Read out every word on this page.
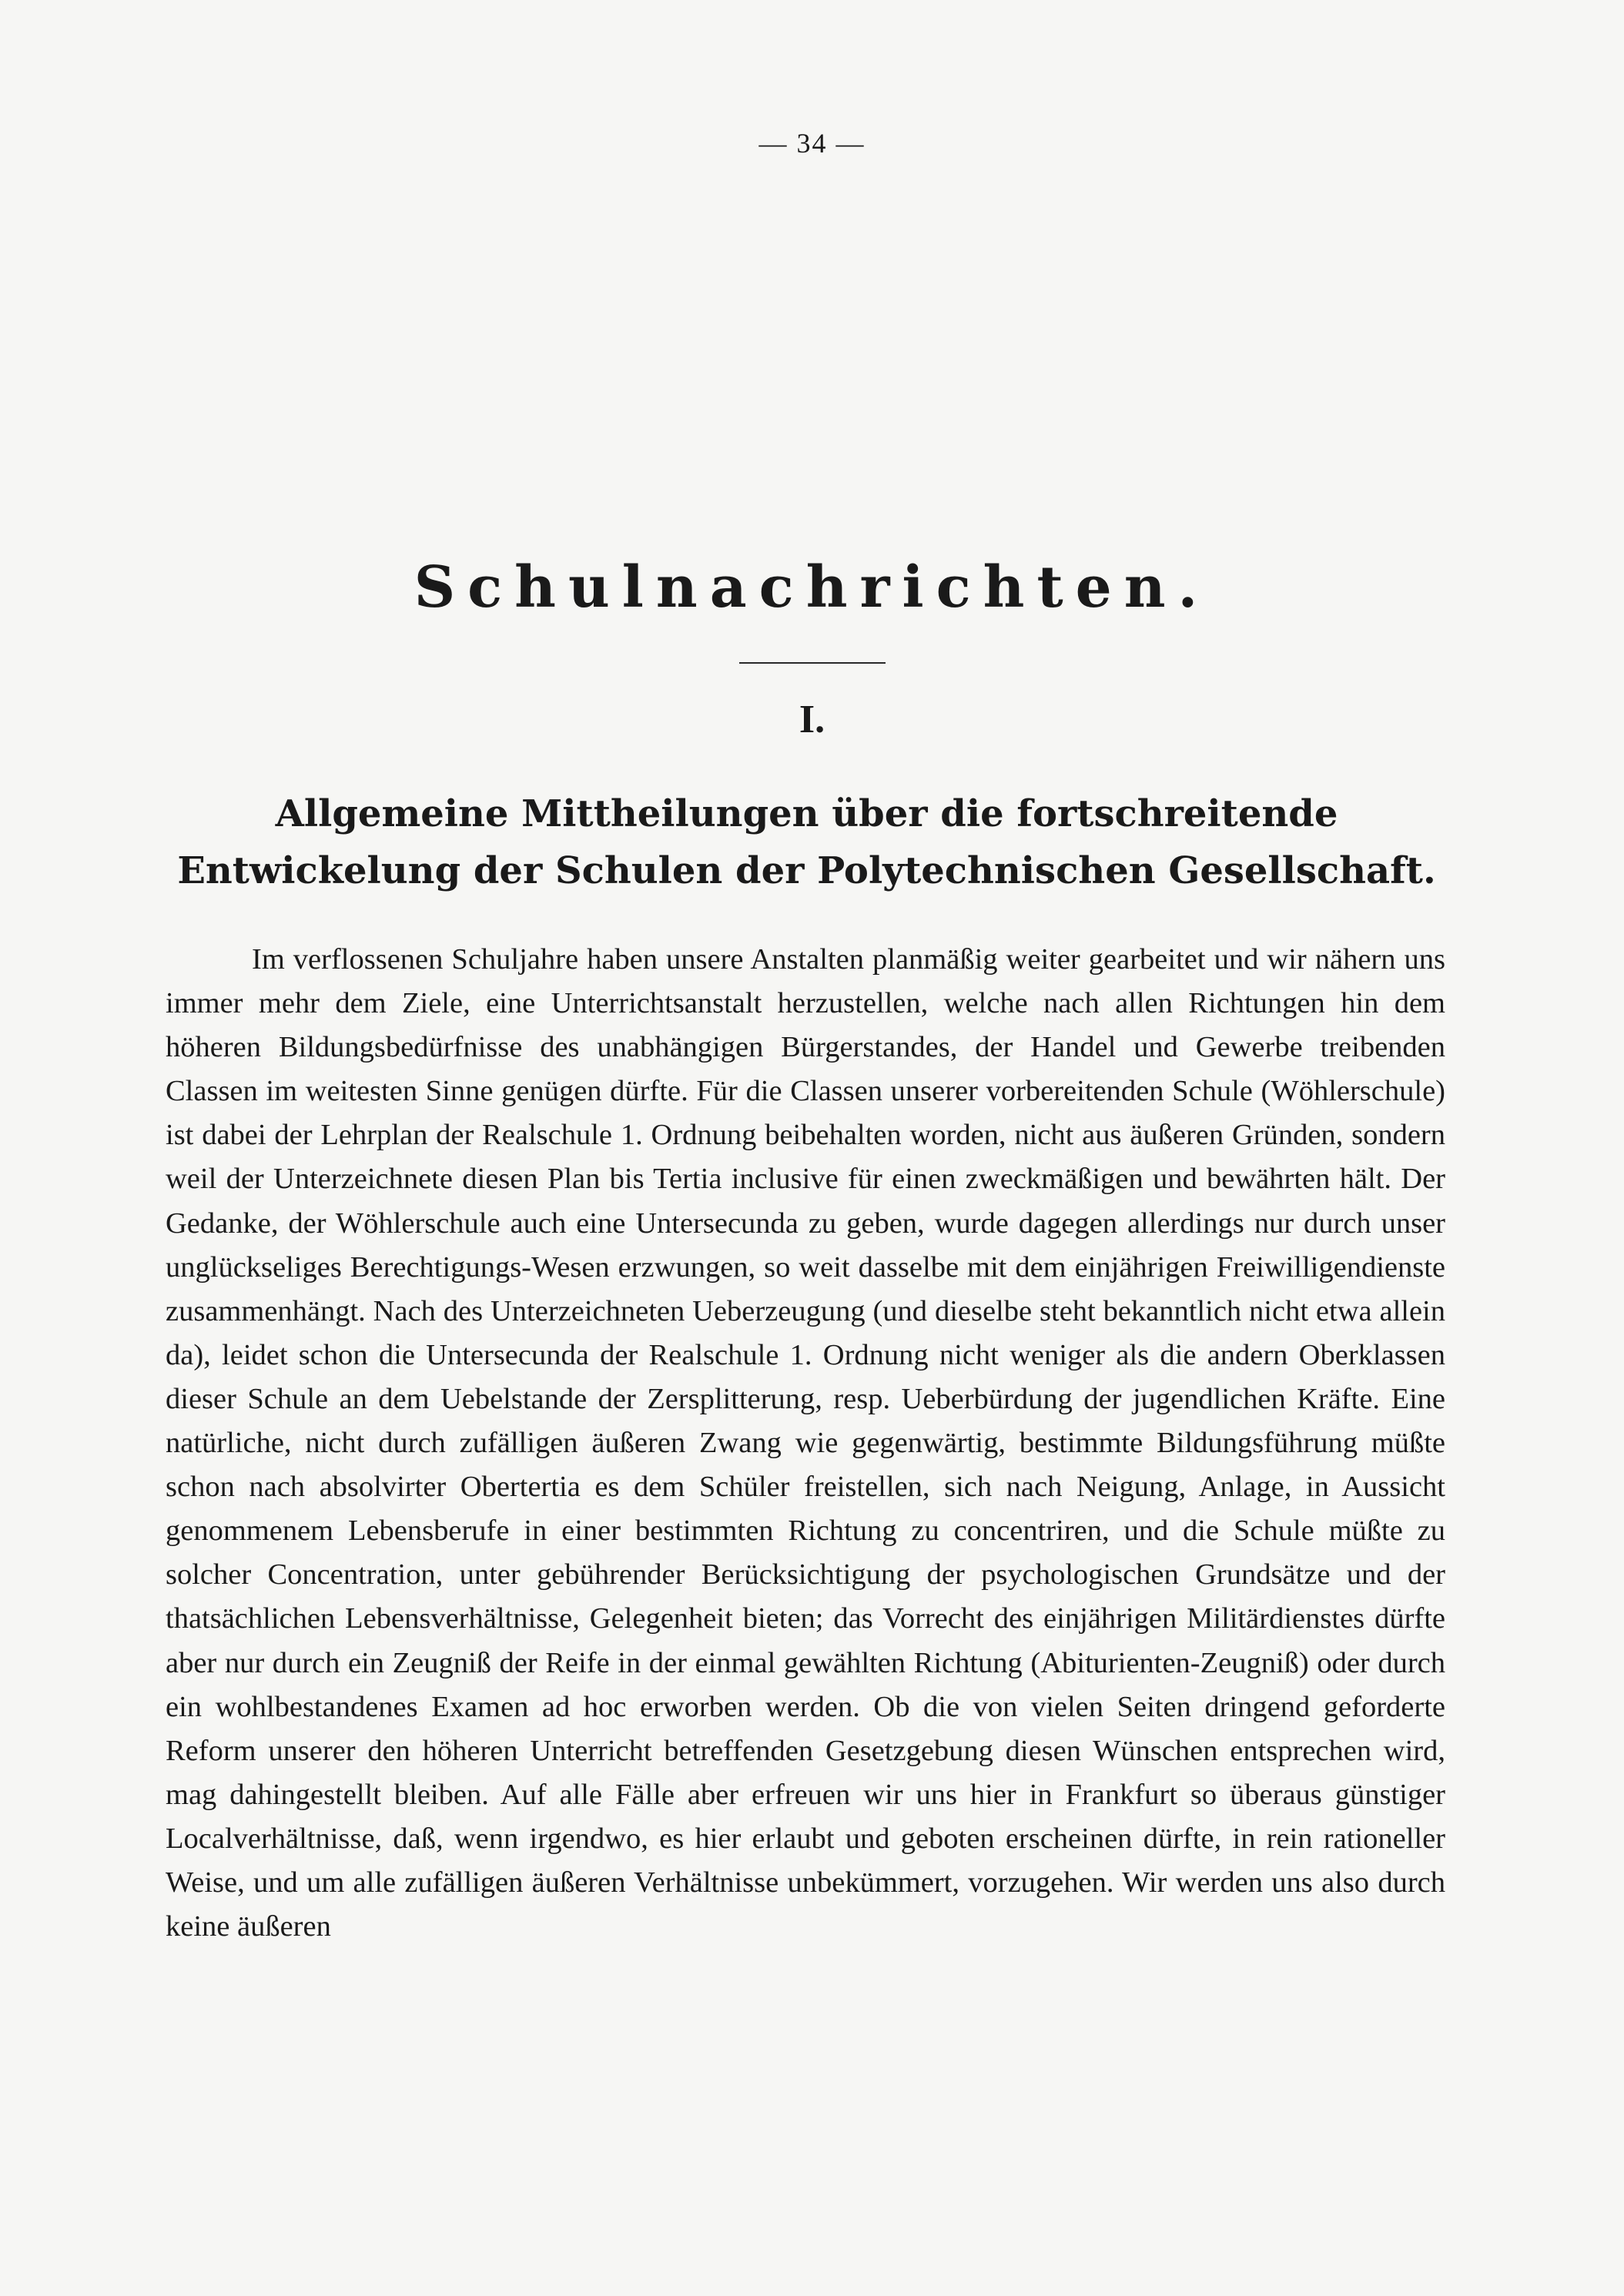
— 34 —
Schulnachrichten.
I.
Allgemeine Mittheilungen über die fortschreitende Entwickelung der Schulen der Polytechnischen Gesellschaft.

Im verflossenen Schuljahre haben unsere Anstalten planmäßig weiter gearbeitet und wir nähern uns immer mehr dem Ziele, eine Unterrichtsanstalt herzustellen, welche nach allen Richtungen hin dem höheren Bildungsbedürfnisse des unabhängigen Bürgerstandes, der Handel und Gewerbe treibenden Classen im weitesten Sinne genügen dürfte. Für die Classen unserer vorbereitenden Schule (Wöhlerschule) ist dabei der Lehrplan der Realschule 1. Ordnung beibehalten worden, nicht aus äußeren Gründen, sondern weil der Unterzeichnete diesen Plan bis Tertia inclusive für einen zweckmäßigen und bewährten hält. Der Gedanke, der Wöhlerschule auch eine Untersecunda zu geben, wurde dagegen allerdings nur durch unser unglückseliges Berechtigungs-Wesen erzwungen, so weit dasselbe mit dem einjährigen Freiwilligendienste zusammenhängt. Nach des Unterzeichneten Ueberzeugung (und dieselbe steht bekanntlich nicht etwa allein da), leidet schon die Untersecunda der Realschule 1. Ordnung nicht weniger als die andern Oberklassen dieser Schule an dem Uebelstande der Zersplitterung, resp. Ueberbürdung der jugendlichen Kräfte. Eine natürliche, nicht durch zufälligen äußeren Zwang wie gegenwärtig, bestimmte Bildungsführung müßte schon nach absolvirter Obertertia es dem Schüler freistellen, sich nach Neigung, Anlage, in Aussicht genommenem Lebensberufe in einer bestimmten Richtung zu concentriren, und die Schule müßte zu solcher Concentration, unter gebührender Berücksichtigung der psychologischen Grundsätze und der thatsächlichen Lebensverhältnisse, Gelegenheit bieten; das Vorrecht des einjährigen Militärdienstes dürfte aber nur durch ein Zeugniß der Reife in der einmal gewählten Richtung (Abiturienten-Zeugniß) oder durch ein wohlbestandenes Examen ad hoc erworben werden. Ob die von vielen Seiten dringend geforderte Reform unserer den höheren Unterricht betreffenden Gesetzgebung diesen Wünschen entsprechen wird, mag dahingestellt bleiben. Auf alle Fälle aber erfreuen wir uns hier in Frankfurt so überaus günstiger Localverhältnisse, daß, wenn irgendwo, es hier erlaubt und geboten erscheinen dürfte, in rein rationeller Weise, und um alle zufälligen äußeren Verhältnisse unbekümmert, vorzugehen. Wir werden uns also durch keine äußeren
